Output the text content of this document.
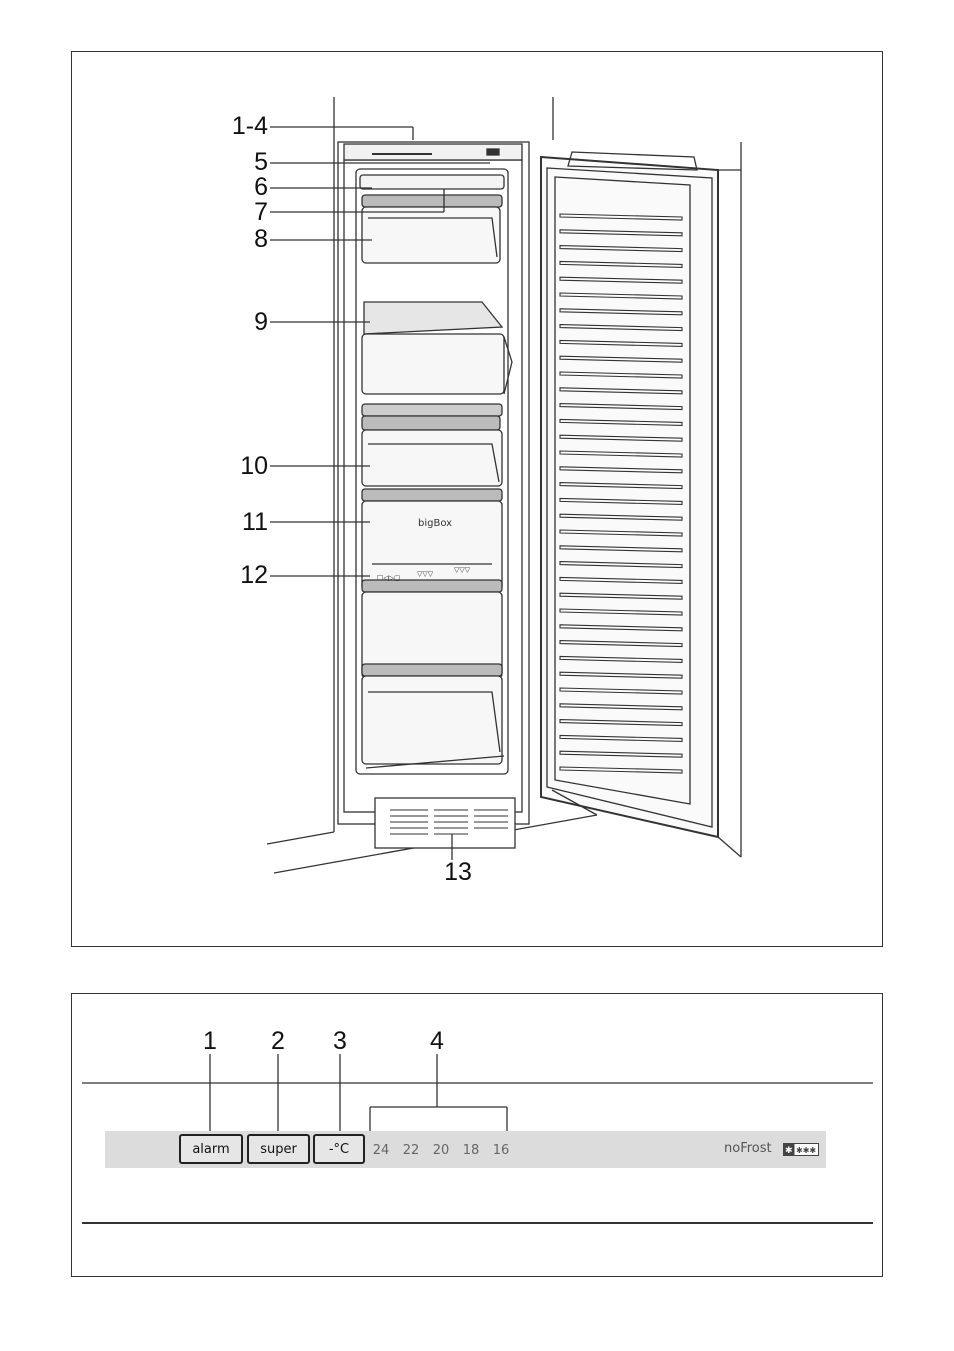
bigBox
☐◁▷▢ ▽▽▽	▽▽▽
1-4
5
6
7
8
9
10
11
12
13
1	2	3	4
alarm	super	-°C	24	22	20	18	16	noFrost ✱ ✱✱✱
